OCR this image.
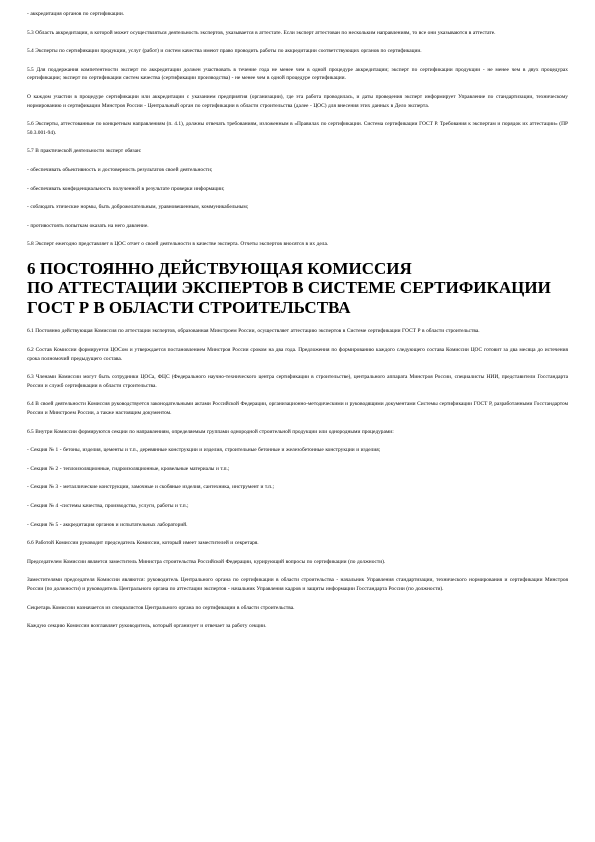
- аккредитация органов по сертификации.

5.3 Область аккредитации, в которой может осуществляться деятельность экспертов, указывается в аттестате. Если эксперт аттестован по нескольким направлениям, то все они указываются в аттестате.

5.4 Эксперты по сертификации продукции, услуг (работ) и систем качества имеют право проводить работы по аккредитации соответствующих органов по сертификации.

5.5 Для поддержания компетентности эксперт по аккредитации должен участвовать в течение года не менее чем в одной процедуре аккредитации; эксперт по сертификации продукции - не менее чем в двух процедурах сертификации; эксперт по сертификации систем качества (сертификации производства) - не менее чем в одной процедуре сертификации.

О каждом участии в процедуре сертификации или аккредитации с указанием предприятия (организации), где эта работа проводилась, и даты проведения эксперт информирует Управление по стандартизации, техническому нормированию и сертификации Минстроя России - Центральный орган по сертификации в области строительства (далее - ЦОС) для внесения этих данных в Дело эксперта.

5.6 Эксперты, аттестованные по конкретным направлениям (п. 4.1), должны отвечать требованиям, изложенным в «Правилах по сертификации. Система сертификации ГОСТ Р. Требования к экспертам и порядок их аттестации» (ПР 50.3.001-94).

5.7 В практической деятельности эксперт обязан:

- обеспечивать объективность и достоверность результатов своей деятельности;

- обеспечивать конфиденциальность полученной в результате проверки информации;

- соблюдать этические нормы, быть доброжелательным, уравновешенным, коммуникабельным;

- противостоять попыткам оказать на него давление.

5.8 Эксперт ежегодно представляет в ЦОС отчет о своей деятельности в качестве эксперта. Отчеты экспертов вносятся в их дела.

6 ПОСТОЯННО ДЕЙСТВУЮЩАЯ КОМИССИЯ
ПО АТТЕСТАЦИИ ЭКСПЕРТОВ В СИСТЕМЕ СЕРТИФИКАЦИИ
ГОСТ Р В ОБЛАСТИ СТРОИТЕЛЬСТВА

6.1 Постоянно действующая Комиссия по аттестации экспертов, образованная Минстроем России, осуществляет аттестацию экспертов в Системе сертификации ГОСТ Р в области строительства.

6.2 Состав Комиссии формируется ЦОСом и утверждается постановлением Минстроя России сроком на два года. Предложения по формированию каждого следующего состава Комиссии ЦОС готовит за два месяца до истечения срока полномочий предыдущего состава.

6.3 Членами Комиссии могут быть сотрудники ЦОСа, ФЦС (Федерального научно-технического центра сертификации в строительстве), центрального аппарата Минстроя России, специалисты НИИ, представители Госстандарта России и служб сертификации в области строительства.

6.4 В своей деятельности Комиссия руководствуется законодательными актами Российской Федерации, организационно-методическими и руководящими документами Системы сертификации ГОСТ Р, разработанными Госстандартом России и Минстроем России, а также настоящим документом.

6.5 Внутри Комиссии формируются секции по направлениям, определяемым группами однородной строительной продукции или однородными процедурами:

- Секция № 1 - бетоны, изделия, цементы и т.п., деревянные конструкции и изделия, строительные бетонные и железобетонные конструкции и изделия;

- Секция № 2 - теплоизоляционные, гидроизоляционные, кровельные материалы и т.п.;

- Секция № 3 - металлические конструкции, замочные и скобяные изделия, сантехника, инструмент и т.п.;

- Секция № 4 -системы качества, производства, услуги, работы и т.п.;

- Секция № 5 - аккредитация органов и испытательных лабораторий.

6.6 Работой Комиссии руководит председатель Комиссии, который имеет заместителей и секретаря.

Председателем Комиссии является заместитель Министра строительства Российской Федерации, курирующий вопросы по сертификации (по должности).

Заместителями председателя Комиссии являются: руководитель Центрального органа по сертификации в области строительства - начальник Управления стандартизации, технического нормирования и сертификации Минстроя России (по должности) и руководитель Центрального органа по аттестации экспертов - начальник Управления кадров и защиты информации Госстандарта России (по должности).

Секретарь Комиссии назначается из специалистов Центрального органа по сертификации в области строительства.

Каждую секцию Комиссии возглавляет руководитель, который организует и отвечает за работу секции.
